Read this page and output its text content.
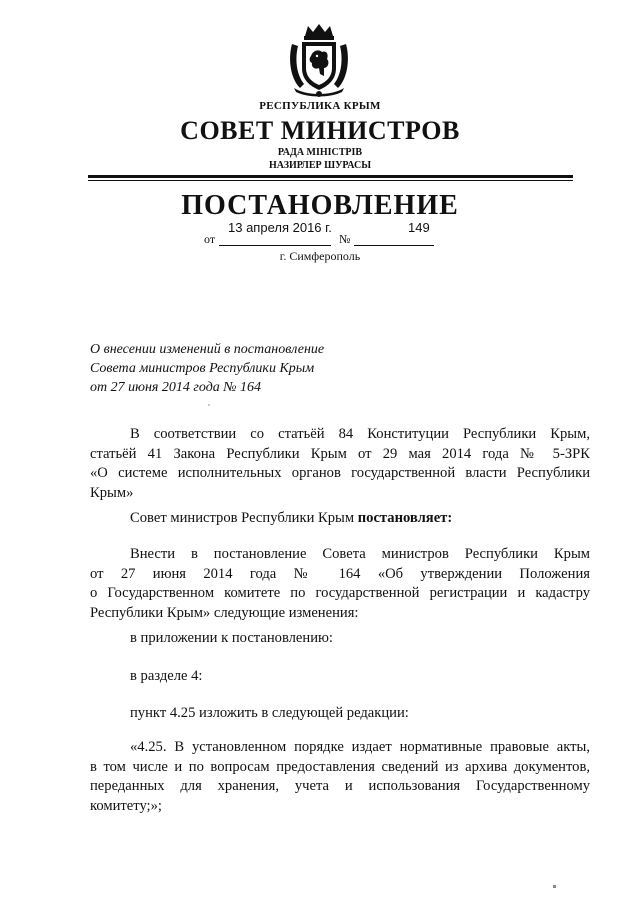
РЕСПУБЛИКА КРЫМ
СОВЕТ МИНИСТРОВ
РАДА МІНІСТРІВ
НАЗИРЛЕР ШУРАСЫ
ПОСТАНОВЛЕНИЕ
от
13 апреля 2016 г.
№
149
г. Симферополь
О внесении изменений в постановление
Совета министров Республики Крым
от 27 июня 2014 года № 164
В соответствии со статьёй 84 Конституции Республики Крым,
статьёй 41 Закона Республики Крым от 29 мая 2014 года № 5-ЗРК
«О системе исполнительных органов государственной власти Республики
Крым»
Совет министров Республики Крым постановляет:
Внести в постановление Совета министров Республики Крым
от 27 июня 2014 года № 164 «Об утверждении Положения
о Государственном комитете по государственной регистрации и кадастру
Республики Крым» следующие изменения:
в приложении к постановлению:
в разделе 4:
пункт 4.25 изложить в следующей редакции:
«4.25. В установленном порядке издает нормативные правовые акты,
в том числе и по вопросам предоставления сведений из архива документов,
переданных для хранения, учета и использования Государственному
комитету;»;
